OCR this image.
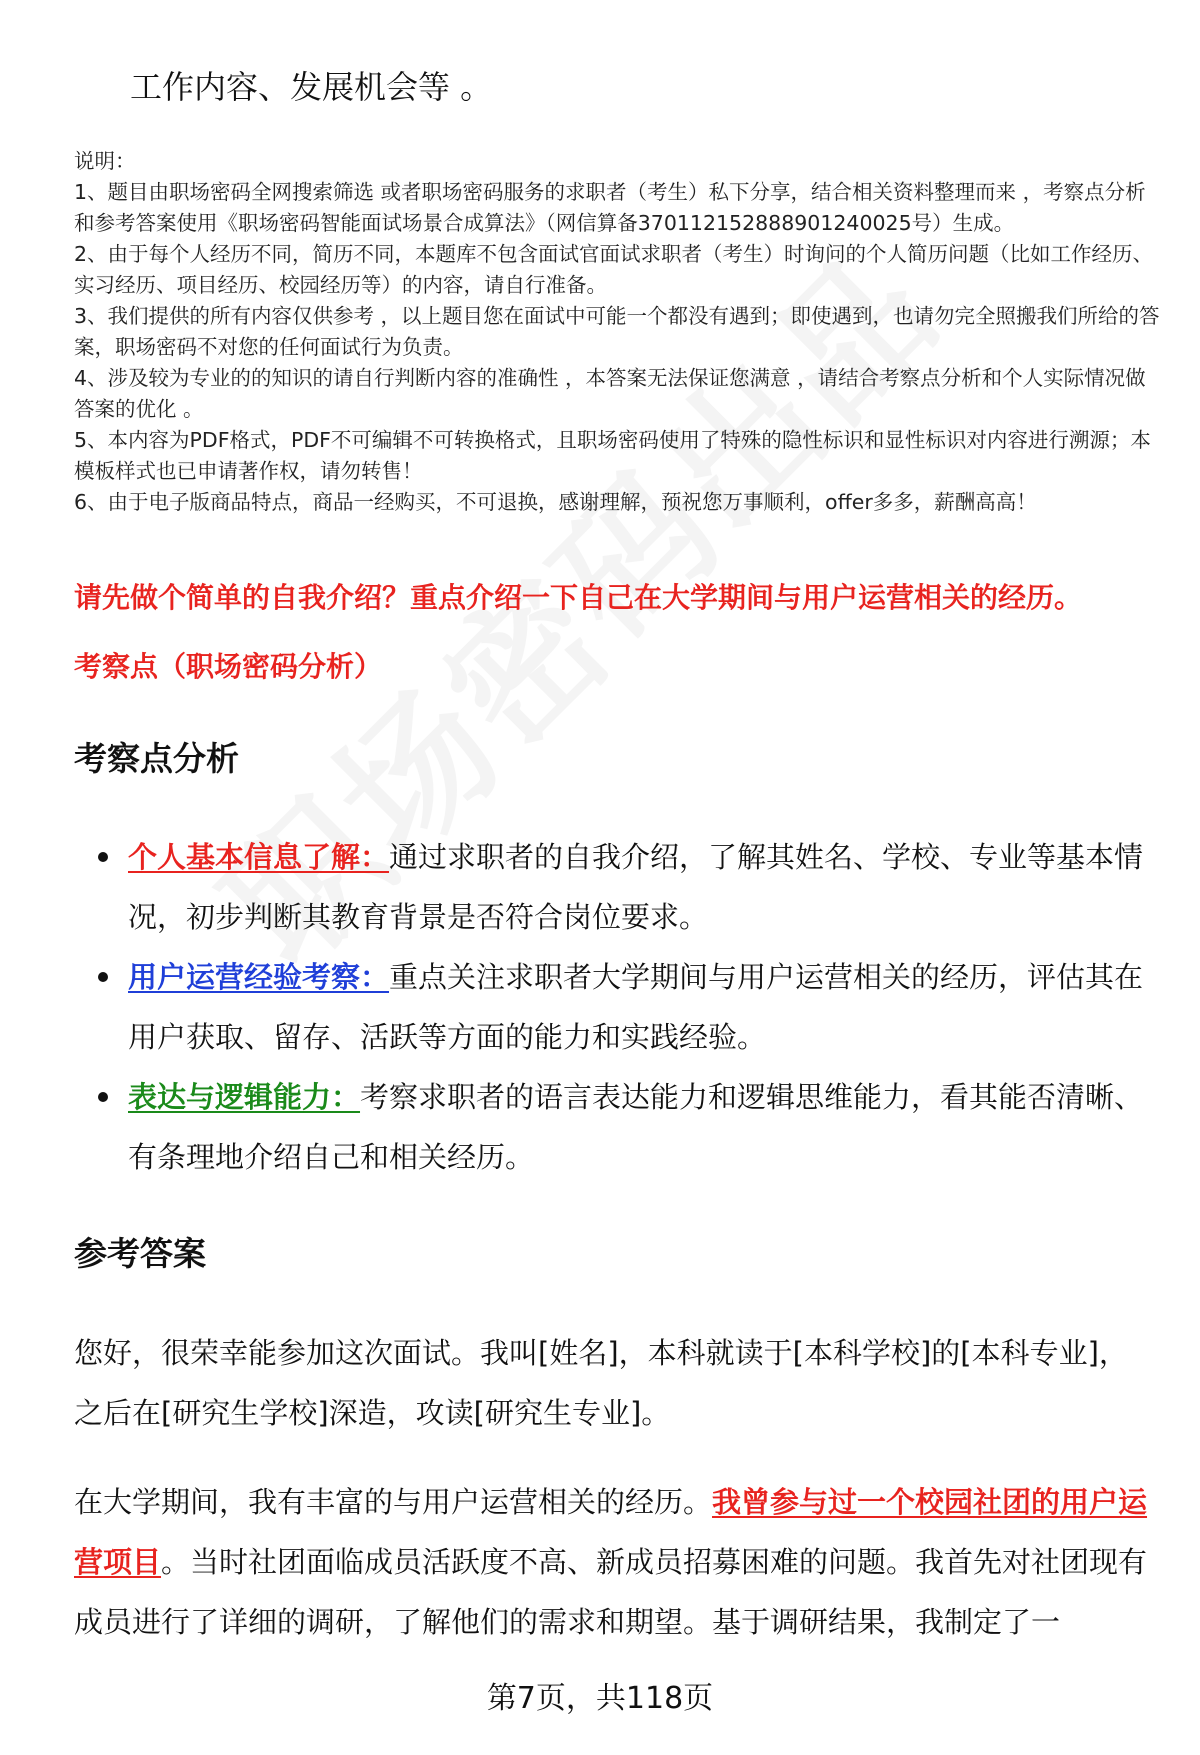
工作内容、发展机会等 。
说明：
1、题目由职场密码全网搜索筛选 或者职场密码服务的求职者（考生）私下分享，结合相关资料整理而来 ，考察点分析和参考答案使用《职场密码智能面试场景合成算法》（网信算备370112152888901240025号）生成。
2、由于每个人经历不同，简历不同，本题库不包含面试官面试求职者（考生）时询问的个人简历问题（比如工作经历、实习经历、项目经历、校园经历等）的内容，请自行准备。
3、我们提供的所有内容仅供参考 ，以上题目您在面试中可能一个都没有遇到；即使遇到，也请勿完全照搬我们所给的答案，职场密码不对您的任何面试行为负责。
4、涉及较为专业的的知识的请自行判断内容的准确性 ，本答案无法保证您满意 ，请结合考察点分析和个人实际情况做答案的优化 。
5、本内容为PDF格式，PDF不可编辑不可转换格式，且职场密码使用了特殊的隐性标识和显性标识对内容进行溯源；本模板样式也已申请著作权，请勿转售！
6、由于电子版商品特点，商品一经购买，不可退换，感谢理解，预祝您万事顺利，offer多多，薪酬高高！
请先做个简单的自我介绍？重点介绍一下自己在大学期间与用户运营相关的经历。
考察点（职场密码分析）
考察点分析
个人基本信息了解：通过求职者的自我介绍，了解其姓名、学校、专业等基本情况，初步判断其教育背景是否符合岗位要求。
用户运营经验考察：重点关注求职者大学期间与用户运营相关的经历，评估其在用户获取、留存、活跃等方面的能力和实践经验。
表达与逻辑能力：考察求职者的语言表达能力和逻辑思维能力，看其能否清晰、有条理地介绍自己和相关经历。
参考答案

您好，很荣幸能参加这次面试。我叫[姓名]，本科就读于[本科学校]的[本科专业]，之后在[研究生学校]深造，攻读[研究生专业]。

在大学期间，我有丰富的与用户运营相关的经历。我曾参与过一个校园社团的用户运营项目。当时社团面临成员活跃度不高、新成员招募困难的问题。我首先对社团现有成员进行了详细的调研，了解他们的需求和期望。基于调研结果，我制定了一

第7页，共118页
